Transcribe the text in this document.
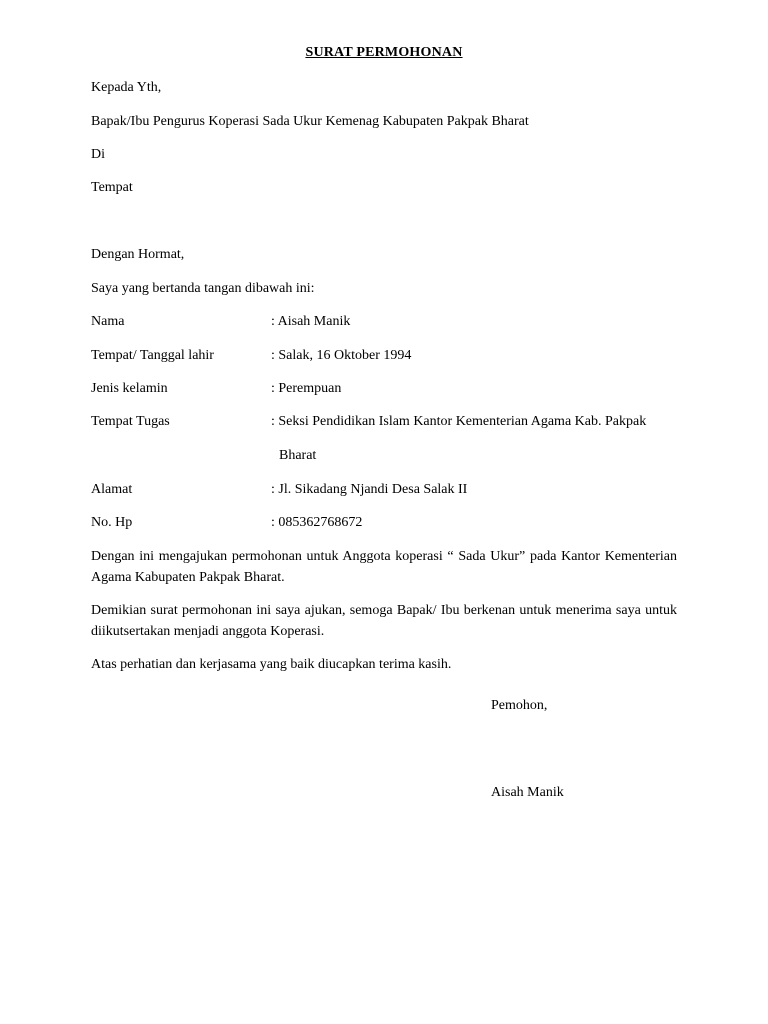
SURAT PERMOHONAN
Kepada Yth,
Bapak/Ibu Pengurus Koperasi Sada Ukur Kemenag Kabupaten Pakpak Bharat
Di
Tempat
Dengan Hormat,
Saya yang bertanda tangan dibawah ini:
Nama	: Aisah Manik
Tempat/ Tanggal lahir	: Salak, 16 Oktober 1994
Jenis kelamin	: Perempuan
Tempat Tugas	: Seksi Pendidikan Islam Kantor Kementerian Agama Kab. Pakpak
Bharat
Alamat	: Jl. Sikadang Njandi Desa Salak II
No. Hp	: 085362768672
Dengan ini mengajukan permohonan untuk Anggota koperasi “ Sada Ukur” pada Kantor Kementerian Agama Kabupaten Pakpak Bharat.
Demikian surat permohonan ini saya ajukan, semoga Bapak/ Ibu berkenan untuk menerima saya untuk diikutsertakan menjadi anggota Koperasi.
Atas perhatian dan kerjasama yang baik diucapkan terima kasih.
Pemohon,
Aisah Manik
